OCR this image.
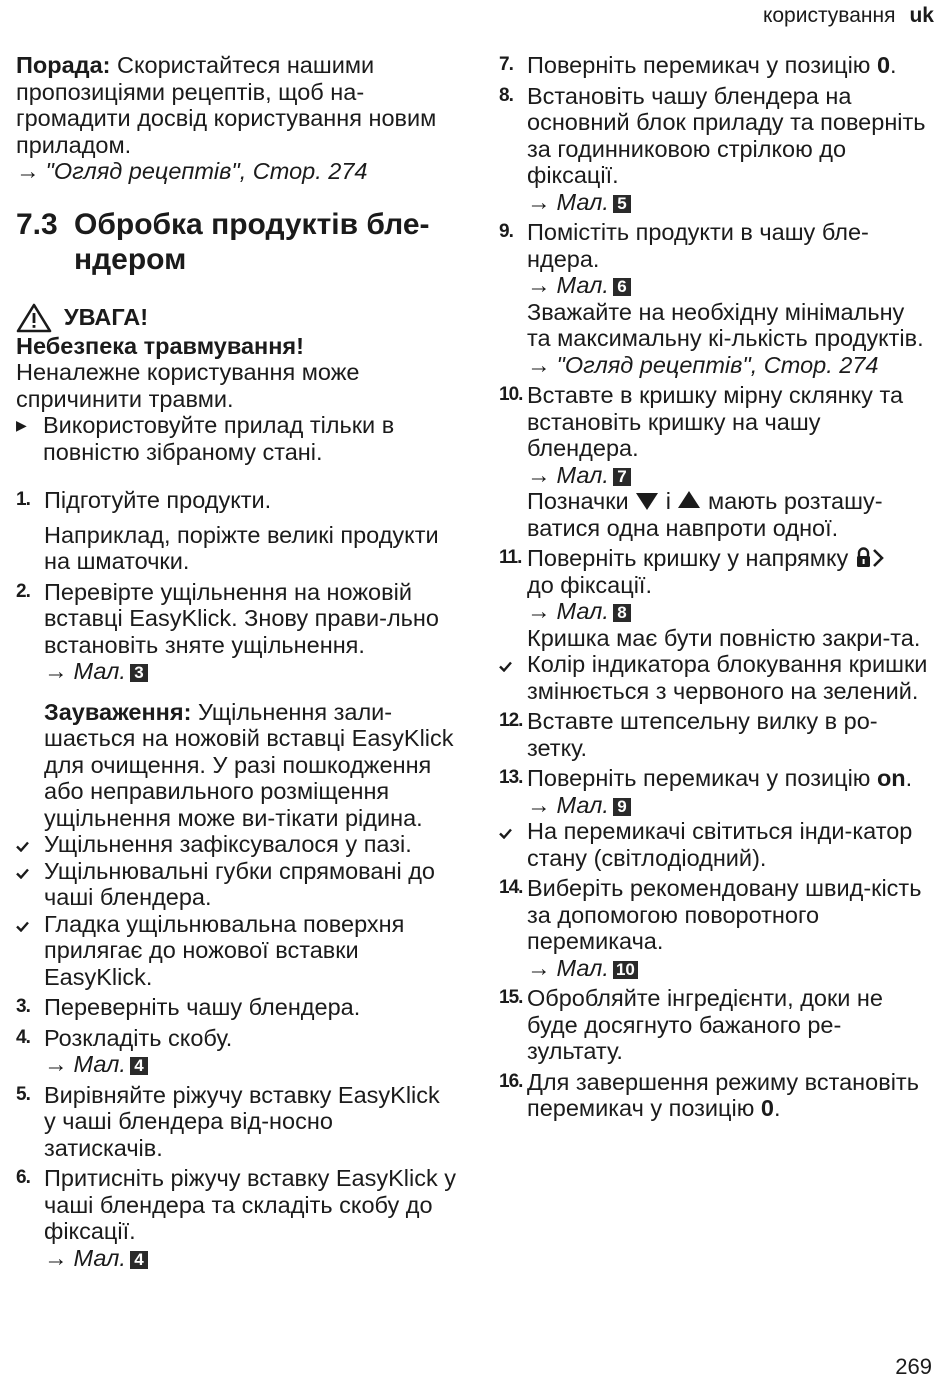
користування uk

Порада: Скористайтеся нашими пропозиціями рецептів, щоб на-громадити досвід користування новим приладом.

→ "Огляд рецептів", Стор. 274

7.3 Обробка продуктів бле-ндером
УВАГА!

Небезпека травмування!

Неналежне користування може спричинити травми.

▶ Використовуйте прилад тільки в повністю зібраному стані.
1. Підготуйте продукти.

Наприклад, поріжте великі продукти на шматочки.

2. Перевірте ущільнення на ножовій вставці EasyKlick. Знову прави-льно встановіть зняте ущільнення.

→ Мал. 3

Зауваження: Ущільнення зали-шається на ножовій вставці EasyKlick для очищення. У разі пошкодження або неправильного розміщення ущільнення може ви-тікати рідина.

Ущільнення зафіксувалося у пазі.
Ущільнювальні губки спрямовані до чаші блендера.
Гладка ущільнювальна поверхня прилягає до ножової вставки EasyKlick.
3. Переверніть чашу блендера.

4. Розкладіть скобу.

→ Мал. 4

5. Вирівняйте ріжучу вставку EasyKlick у чаші блендера від-носно затискачів.

6. Притисніть ріжучу вставку EasyKlick у чаші блендера та складіть скобу до фіксації.

→ Мал. 4

7. Поверніть перемикач у позицію 0.

8. Встановіть чашу блендера на основний блок приладу та поверніть за годинниковою стрілкою до фіксації.

→ Мал. 5

9. Помістіть продукти в чашу бле-ндера.

→ Мал. 6

Зважайте на необхідну мінімальну та максимальну кі-лькість продуктів.

→ "Огляд рецептів", Стор. 274

10. Вставте в кришку мірну склянку та встановіть кришку на чашу блендера.

→ Мал. 7

Позначки і мають розташу-ватися одна навпроти одної.

11. Поверніть кришку у напрямку
до фіксації.

→ Мал. 8

Кришка має бути повністю закри-та.

Колір індикатора блокування кришки змінюється з червоного на зелений.
12. Вставте штепсельну вилку в ро-зетку.

13. Поверніть перемикач у позицію on.

→ Мал. 9

На перемикачі світиться інди-катор стану (світлодіодний).
14. Виберіть рекомендовану швид-кість за допомогою поворотного перемикача.

→ Мал. 10

15. Обробляйте інгредієнти, доки не буде досягнуто бажаного ре-зультату.

16. Для завершення режиму встановіть перемикач у позицію 0.

269
